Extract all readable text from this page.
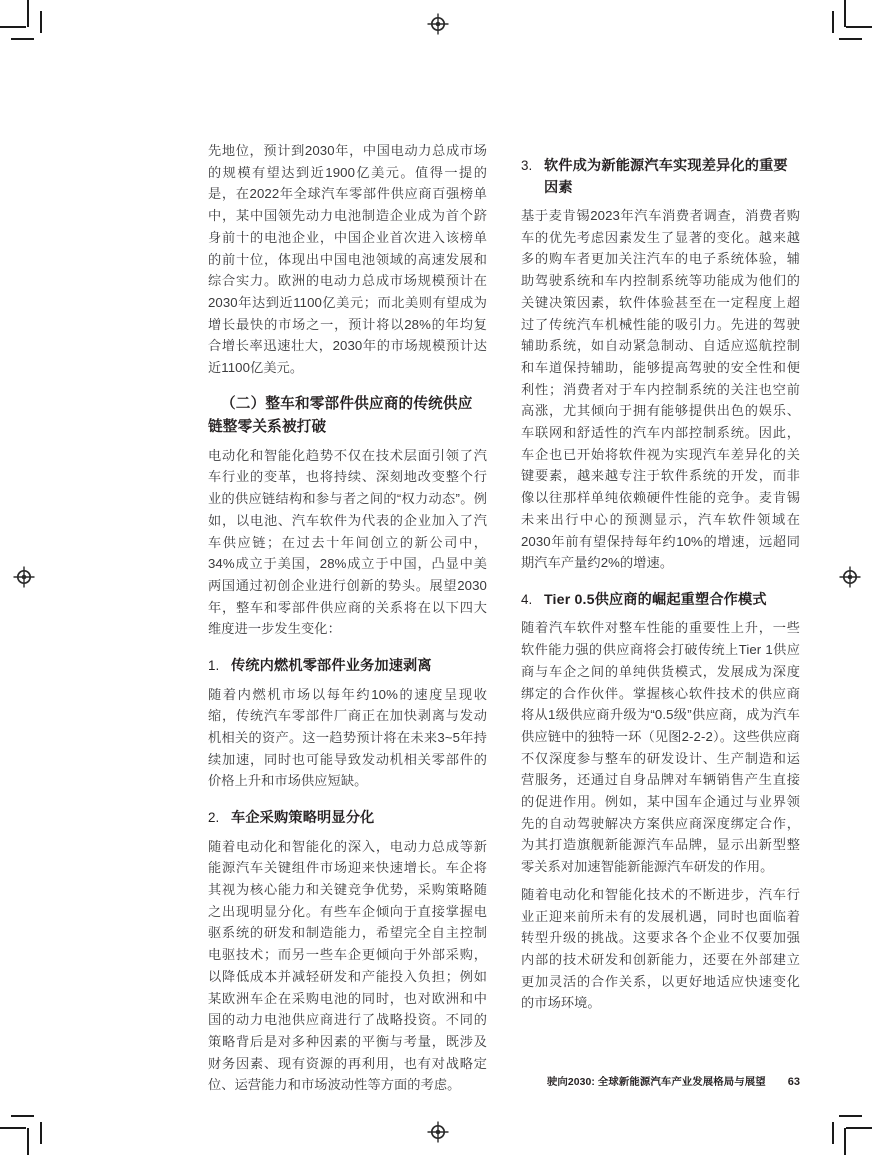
先地位，预计到2030年，中国电动力总成市场的规模有望达到近1900亿美元。值得一提的是，在2022年全球汽车零部件供应商百强榜单中，某中国领先动力电池制造企业成为首个跻身前十的电池企业，中国企业首次进入该榜单的前十位，体现出中国电池领域的高速发展和综合实力。欧洲的电动力总成市场规模预计在2030年达到近1100亿美元；而北美则有望成为增长最快的市场之一，预计将以28%的年均复合增长率迅速壮大，2030年的市场规模预计达近1100亿美元。

（二）整车和零部件供应商的传统供应链整零关系被打破

电动化和智能化趋势不仅在技术层面引领了汽车行业的变革，也将持续、深刻地改变整个行业的供应链结构和参与者之间的“权力动态”。例如，以电池、汽车软件为代表的企业加入了汽车供应链；在过去十年间创立的新公司中，34%成立于美国，28%成立于中国，凸显中美两国通过初创企业进行创新的势头。展望2030年，整车和零部件供应商的关系将在以下四大维度进一步发生变化：

1. 传统内燃机零部件业务加速剥离

随着内燃机市场以每年约10%的速度呈现收缩，传统汽车零部件厂商正在加快剥离与发动机相关的资产。这一趋势预计将在未来3~5年持续加速，同时也可能导致发动机相关零部件的价格上升和市场供应短缺。

2. 车企采购策略明显分化

随着电动化和智能化的深入，电动力总成等新能源汽车关键组件市场迎来快速增长。车企将其视为核心能力和关键竞争优势，采购策略随之出现明显分化。有些车企倾向于直接掌握电驱系统的研发和制造能力，希望完全自主控制电驱技术；而另一些车企更倾向于外部采购，以降低成本并减轻研发和产能投入负担；例如某欧洲车企在采购电池的同时，也对欧洲和中国的动力电池供应商进行了战略投资。不同的策略背后是对多种因素的平衡与考量，既涉及财务因素、现有资源的再利用，也有对战略定位、运营能力和市场波动性等方面的考虑。

3. 软件成为新能源汽车实现差异化的重要因素

基于麦肯锡2023年汽车消费者调查，消费者购车的优先考虑因素发生了显著的变化。越来越多的购车者更加关注汽车的电子系统体验，辅助驾驶系统和车内控制系统等功能成为他们的关键决策因素，软件体验甚至在一定程度上超过了传统汽车机械性能的吸引力。先进的驾驶辅助系统，如自动紧急制动、自适应巡航控制和车道保持辅助，能够提高驾驶的安全性和便利性；消费者对于车内控制系统的关注也空前高涨，尤其倾向于拥有能够提供出色的娱乐、车联网和舒适性的汽车内部控制系统。因此，车企也已开始将软件视为实现汽车差异化的关键要素，越来越专注于软件系统的开发，而非像以往那样单纯依赖硬件性能的竞争。麦肯锡未来出行中心的预测显示，汽车软件领域在2030年前有望保持每年约10%的增速，远超同期汽车产量约2%的增速。

4. Tier 0.5供应商的崛起重塑合作模式

随着汽车软件对整车性能的重要性上升，一些软件能力强的供应商将会打破传统上Tier 1供应商与车企之间的单纯供货模式，发展成为深度绑定的合作伙伴。掌握核心软件技术的供应商将从1级供应商升级为“0.5级”供应商，成为汽车供应链中的独特一环（见图2-2-2）。这些供应商不仅深度参与整车的研发设计、生产制造和运营服务，还通过自身品牌对车辆销售产生直接的促进作用。例如，某中国车企通过与业界领先的自动驾驶解决方案供应商深度绑定合作，为其打造旗舰新能源汽车品牌，显示出新型整零关系对加速智能新能源汽车研发的作用。

随着电动化和智能化技术的不断进步，汽车行业正迎来前所未有的发展机遇，同时也面临着转型升级的挑战。这要求各个企业不仅要加强内部的技术研发和创新能力，还要在外部建立更加灵活的合作关系，以更好地适应快速变化的市场环境。

驶向2030: 全球新能源汽车产业发展格局与展望 63
